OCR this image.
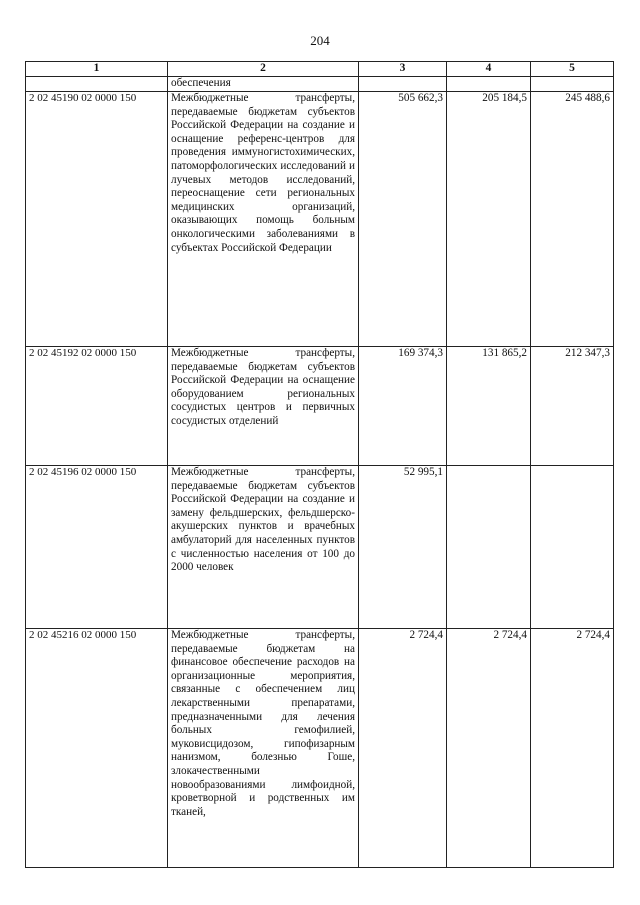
204
1	2	3	4	5
	обеспечения			
2 02 45190 02 0000 150	Межбюджетные трансферты, передаваемые бюджетам субъектов Российской Федерации на создание и оснащение референс-центров для проведения иммуногистохимических, патоморфологических исследований и лучевых методов исследований, переоснащение сети региональных медицинских организаций, оказывающих помощь больным онкологическими заболеваниями в субъектах Российской Федерации	505 662,3	205 184,5	245 488,6
2 02 45192 02 0000 150	Межбюджетные трансферты, передаваемые бюджетам субъектов Российской Федерации на оснащение оборудованием региональных сосудистых центров и первичных сосудистых отделений	169 374,3	131 865,2	212 347,3
2 02 45196 02 0000 150	Межбюджетные трансферты, передаваемые бюджетам субъектов Российской Федерации на создание и замену фельдшерских, фельдшерско-акушерских пунктов и врачебных амбулаторий для населенных пунктов с численностью населения от 100 до 2000 человек	52 995,1		
2 02 45216 02 0000 150	Межбюджетные трансферты, передаваемые бюджетам на финансовое обеспечение расходов на организационные мероприятия, связанные с обеспечением лиц лекарственными препаратами, предназначенными для лечения больных гемофилией, муковисцидозом, гипофизарным нанизмом, болезнью Гоше, злокачественными новообразованиями лимфоидной, кроветворной и родственных им тканей,	2 724,4	2 724,4	2 724,4
